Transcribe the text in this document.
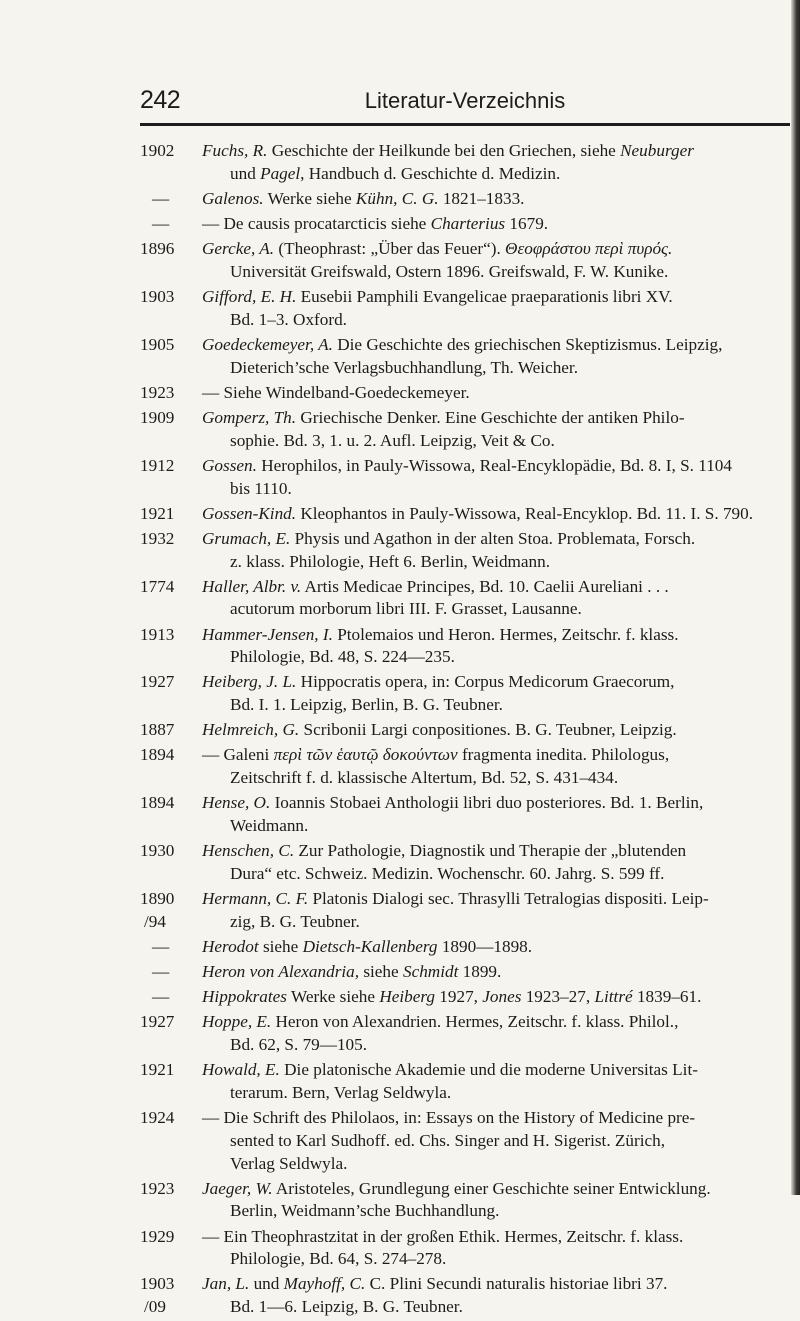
242	Literatur-Verzeichnis
1902	Fuchs, R. Geschichte der Heilkunde bei den Griechen, siehe Neuburger
und Pagel, Handbuch d. Geschichte d. Medizin.
—	Galenos. Werke siehe Kühn, C. G. 1821–1833.
—	— De causis procatarcticis siehe Charterius 1679.
1896	Gercke, A. (Theophrast: „Über das Feuer“). Θεοφράστου περὶ πυρός.
Universität Greifswald, Ostern 1896. Greifswald, F. W. Kunike.
1903	Gifford, E. H. Eusebii Pamphili Evangelicae praeparationis libri XV.
Bd. 1–3. Oxford.
1905	Goedeckemeyer, A. Die Geschichte des griechischen Skeptizismus. Leipzig,
Dieterich’sche Verlagsbuchhandlung, Th. Weicher.
1923	— Siehe Windelband-Goedeckemeyer.
1909	Gomperz, Th. Griechische Denker. Eine Geschichte der antiken Philo-
sophie. Bd. 3, 1. u. 2. Aufl. Leipzig, Veit & Co.
1912	Gossen. Herophilos, in Pauly-Wissowa, Real-Encyklopädie, Bd. 8. I, S. 1104
bis 1110.
1921	Gossen-Kind. Kleophantos in Pauly-Wissowa, Real-Encyklop. Bd. 11. I. S. 790.
1932	Grumach, E. Physis und Agathon in der alten Stoa. Problemata, Forsch.
z. klass. Philologie, Heft 6. Berlin, Weidmann.
1774	Haller, Albr. v. Artis Medicae Principes, Bd. 10. Caelii Aureliani . . .
acutorum morborum libri III. F. Grasset, Lausanne.
1913	Hammer-Jensen, I. Ptolemaios und Heron. Hermes, Zeitschr. f. klass.
Philologie, Bd. 48, S. 224—235.
1927	Heiberg, J. L. Hippocratis opera, in: Corpus Medicorum Graecorum,
Bd. I. 1. Leipzig, Berlin, B. G. Teubner.
1887	Helmreich, G. Scribonii Largi conpositiones. B. G. Teubner, Leipzig.
1894	— Galeni περὶ τῶν ἑαυτῷ δοκούντων fragmenta inedita. Philologus,
Zeitschrift f. d. klassische Altertum, Bd. 52, S. 431–434.
1894	Hense, O. Ioannis Stobaei Anthologii libri duo posteriores. Bd. 1. Berlin,
Weidmann.
1930	Henschen, C. Zur Pathologie, Diagnostik und Therapie der „blutenden
Dura“ etc. Schweiz. Medizin. Wochenschr. 60. Jahrg. S. 599 ff.
1890	Hermann, C. F. Platonis Dialogi sec. Thrasylli Tetralogias dispositi. Leip-
/94	zig, B. G. Teubner.
—	Herodot siehe Dietsch-Kallenberg 1890—1898.
—	Heron von Alexandria, siehe Schmidt 1899.
—	Hippokrates Werke siehe Heiberg 1927, Jones 1923–27, Littré 1839–61.
1927	Hoppe, E. Heron von Alexandrien. Hermes, Zeitschr. f. klass. Philol.,
Bd. 62, S. 79—105.
1921	Howald, E. Die platonische Akademie und die moderne Universitas Lit-
terarum. Bern, Verlag Seldwyla.
1924	— Die Schrift des Philolaos, in: Essays on the History of Medicine pre-
sented to Karl Sudhoff. ed. Chs. Singer and H. Sigerist. Zürich,
Verlag Seldwyla.
1923	Jaeger, W. Aristoteles, Grundlegung einer Geschichte seiner Entwicklung.
Berlin, Weidmann’sche Buchhandlung.
1929	— Ein Theophrastzitat in der großen Ethik. Hermes, Zeitschr. f. klass.
Philologie, Bd. 64, S. 274–278.
1903	Jan, L. und Mayhoff, C. C. Plini Secundi naturalis historiae libri 37.
/09	Bd. 1—6. Leipzig, B. G. Teubner.
